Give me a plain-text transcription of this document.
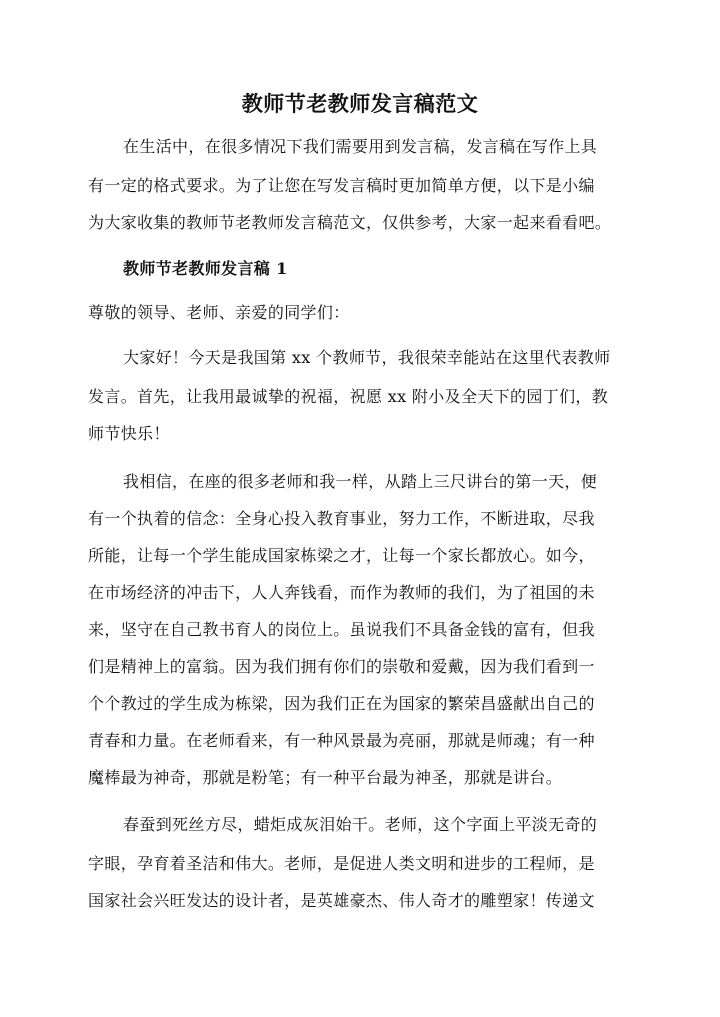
教师节老教师发言稿范文
在生活中，在很多情况下我们需要用到发言稿，发言稿在写作上具
有一定的格式要求。为了让您在写发言稿时更加简单方便，以下是小编
为大家收集的教师节老教师发言稿范文，仅供参考，大家一起来看看吧。
教师节老教师发言稿 1
尊敬的领导、老师、亲爱的同学们：
大家好！今天是我国第 xx 个教师节，我很荣幸能站在这里代表教师
发言。首先，让我用最诚挚的祝福，祝愿 xx 附小及全天下的园丁们，教
师节快乐！
我相信，在座的很多老师和我一样，从踏上三尺讲台的第一天，便
有一个执着的信念：全身心投入教育事业，努力工作，不断进取，尽我
所能，让每一个学生能成国家栋梁之才，让每一个家长都放心。如今，
在市场经济的冲击下，人人奔钱看，而作为教师的我们，为了祖国的未
来，坚守在自己教书育人的岗位上。虽说我们不具备金钱的富有，但我
们是精神上的富翁。因为我们拥有你们的崇敬和爱戴，因为我们看到一
个个教过的学生成为栋梁，因为我们正在为国家的繁荣昌盛献出自己的
青春和力量。在老师看来，有一种风景最为亮丽，那就是师魂；有一种
魔棒最为神奇，那就是粉笔；有一种平台最为神圣，那就是讲台。
春蚕到死丝方尽，蜡炬成灰泪始干。老师，这个字面上平淡无奇的
字眼，孕育着圣洁和伟大。老师，是促进人类文明和进步的工程师，是
国家社会兴旺发达的设计者，是英雄豪杰、伟人奇才的雕塑家！传递文
